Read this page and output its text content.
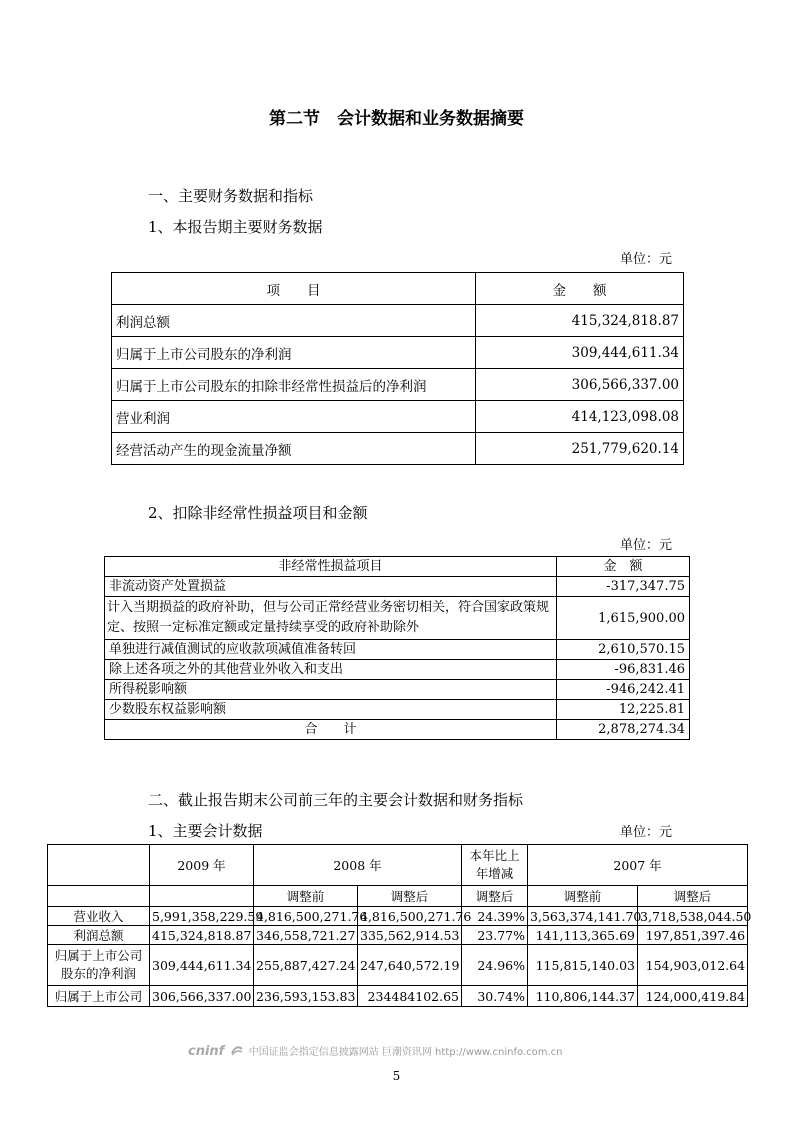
第二节　会计数据和业务数据摘要
一、主要财务数据和指标
1、本报告期主要财务数据
单位：元
项　　目	金　　额
利润总额	415,324,818.87
归属于上市公司股东的净利润	309,444,611.34
归属于上市公司股东的扣除非经常性损益后的净利润	306,566,337.00
营业利润	414,123,098.08
经营活动产生的现金流量净额	251,779,620.14
2、扣除非经常性损益项目和金额
单位：元
非经常性损益项目	金　额
非流动资产处置损益	-317,347.75
计入当期损益的政府补助，但与公司正常经营业务密切相关，符合国家政策规定、按照一定标准定额或定量持续享受的政府补助除外	1,615,900.00
单独进行减值测试的应收款项减值准备转回	2,610,570.15
除上述各项之外的其他营业外收入和支出	-96,831.46
所得税影响额	-946,242.41
少数股东权益影响额	12,225.81
合　　计	2,878,274.34
二、截止报告期末公司前三年的主要会计数据和财务指标
1、主要会计数据	单位：元
	2009 年	2008 年		本年比上年增减	2007 年	
		调整前	调整后	调整后	调整前	调整后
营业收入	5,991,358,229.59	4,816,500,271.76	4,816,500,271.76	24.39%	3,563,374,141.70	3,718,538,044.50
利润总额	415,324,818.87	346,558,721.27	335,562,914.53	23.77%	141,113,365.69	197,851,397.46
归属于上市公司股东的净利润	309,444,611.34	255,887,427.24	247,640,572.19	24.96%	115,815,140.03	154,903,012.64
归属于上市公司	306,566,337.00	236,593,153.83	234484102.65	30.74%	110,806,144.37	124,000,419.84
cninf 中国证监会指定信息披露网站 巨潮资讯网 http://www.cninfo.com.cn
5
